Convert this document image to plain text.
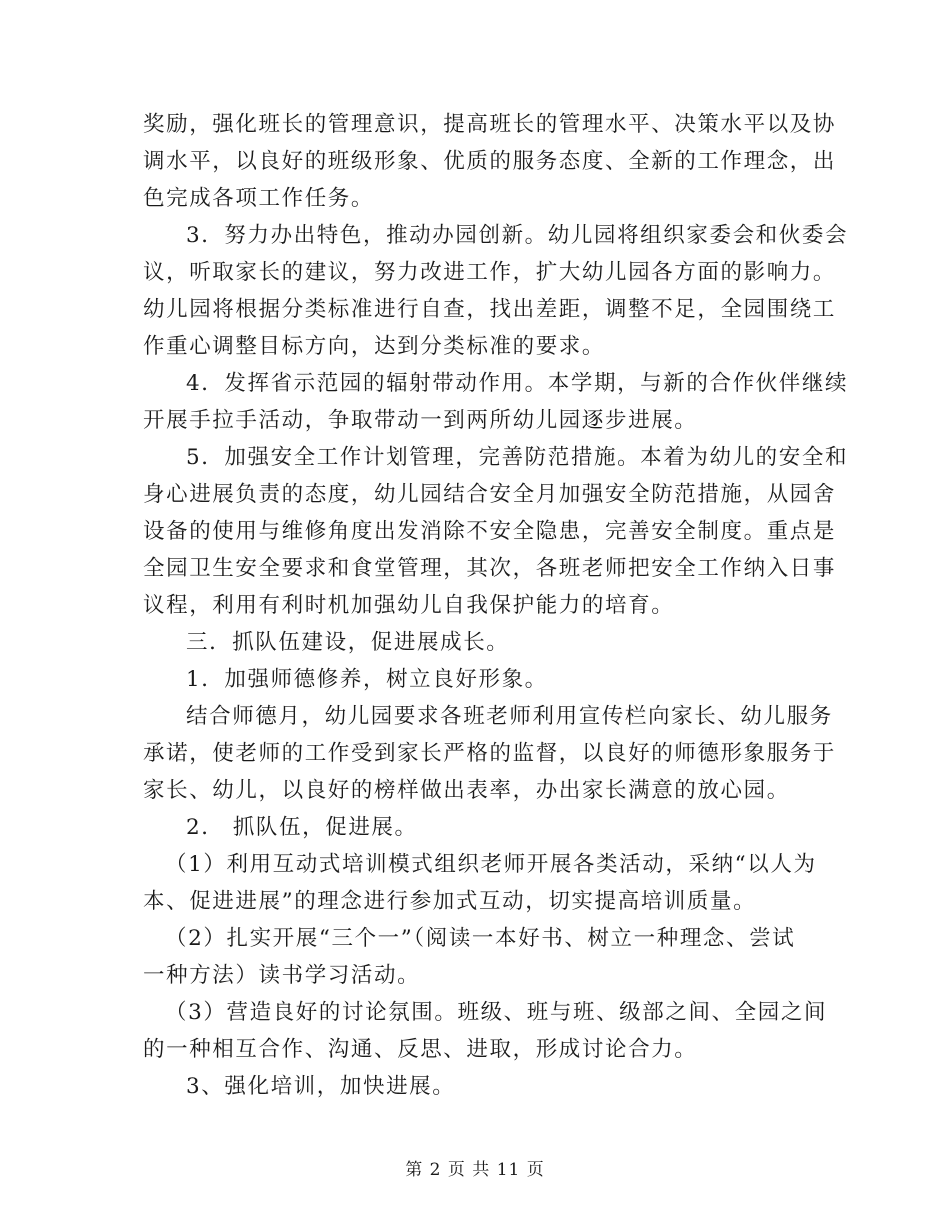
奖励，强化班长的管理意识，提高班长的管理水平、决策水平以及协
调水平，以良好的班级形象、优质的服务态度、全新的工作理念，出
色完成各项工作任务。
3．努力办出特色，推动办园创新。幼儿园将组织家委会和伙委会
议，听取家长的建议，努力改进工作，扩大幼儿园各方面的影响力。
幼儿园将根据分类标准进行自查，找出差距，调整不足，全园围绕工
作重心调整目标方向，达到分类标准的要求。
4．发挥省示范园的辐射带动作用。本学期，与新的合作伙伴继续
开展手拉手活动，争取带动一到两所幼儿园逐步进展。
5．加强安全工作计划管理，完善防范措施。本着为幼儿的安全和
身心进展负责的态度，幼儿园结合安全月加强安全防范措施，从园舍
设备的使用与维修角度出发消除不安全隐患，完善安全制度。重点是
全园卫生安全要求和食堂管理，其次，各班老师把安全工作纳入日事
议程，利用有利时机加强幼儿自我保护能力的培育。
三．抓队伍建设，促进展成长。
1．加强师德修养，树立良好形象。
结合师德月，幼儿园要求各班老师利用宣传栏向家长、幼儿服务
承诺，使老师的工作受到家长严格的监督，以良好的师德形象服务于
家长、幼儿，以良好的榜样做出表率，办出家长满意的放心园。
2． 抓队伍，促进展。
（1）利用互动式培训模式组织老师开展各类活动，采纳“以人为
本、促进进展”的理念进行参加式互动，切实提高培训质量。
（2）扎实开展“三个一”（阅读一本好书、树立一种理念、尝试
一种方法）读书学习活动。
（3）营造良好的讨论氛围。班级、班与班、级部之间、全园之间
的一种相互合作、沟通、反思、进取，形成讨论合力。
3、强化培训，加快进展。
第 2 页 共 11 页
